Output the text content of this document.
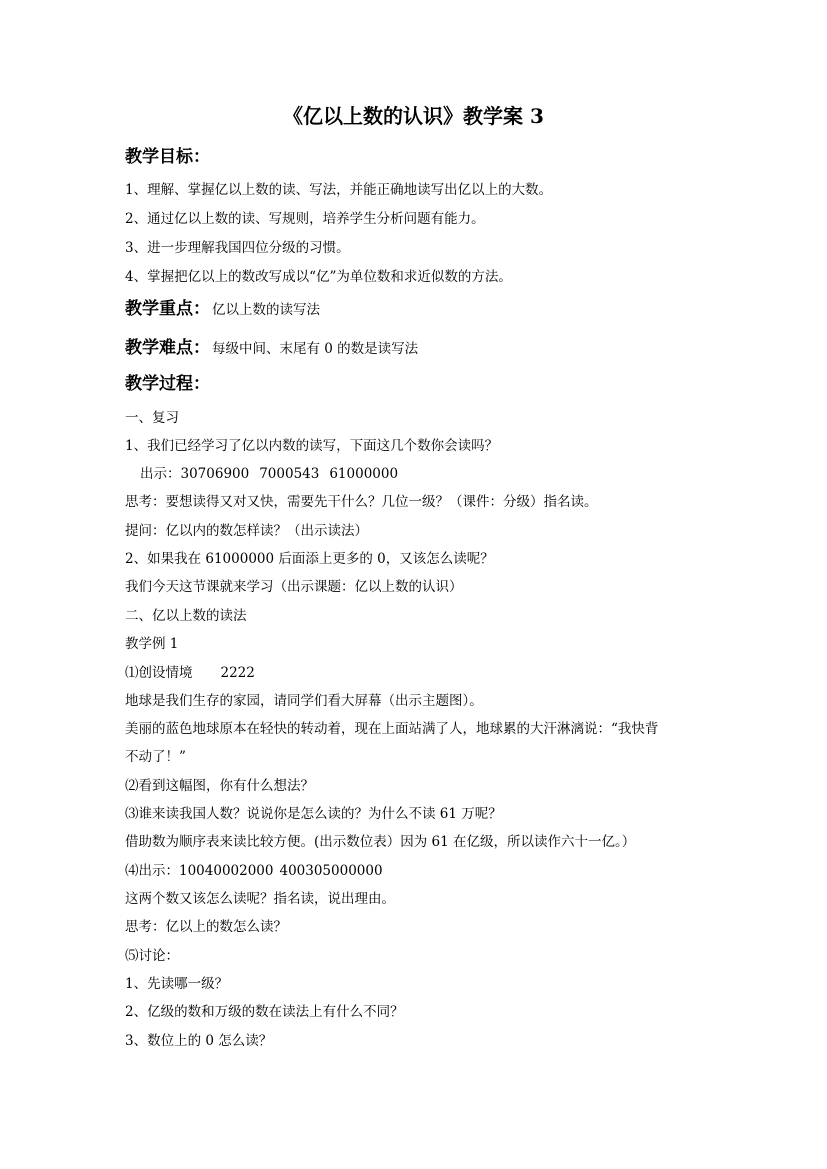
《亿以上数的认识》教学案 3
教学目标：
1、理解、掌握亿以上数的读、写法，并能正确地读写出亿以上的大数。
2、通过亿以上数的读、写规则，培养学生分析问题有能力。
3、进一步理解我国四位分级的习惯。
4、掌握把亿以上的数改写成以“亿”为单位数和求近似数的方法。
教学重点： 亿以上数的读写法
教学难点： 每级中间、末尾有 0 的数是读写法
教学过程：
一、复习
1、我们已经学习了亿以内数的读写，下面这几个数你会读吗？
出示：30706900 7000543 61000000
思考：要想读得又对又快，需要先干什么？几位一级？（课件：分级）指名读。
提问：亿以内的数怎样读？（出示读法）
2、如果我在 61000000 后面添上更多的 0，又该怎么读呢？
我们今天这节课就来学习（出示课题：亿以上数的认识）
二、亿以上数的读法
教学例 1
⑴创设情境 2222
地球是我们生存的家园，请同学们看大屏幕（出示主题图）。
美丽的蓝色地球原本在轻快的转动着，现在上面站满了人，地球累的大汗淋漓说：“我快背
不动了！”
⑵看到这幅图，你有什么想法？
⑶谁来读我国人数？说说你是怎么读的？为什么不读 61 万呢？
借助数为顺序表来读比较方便。(出示数位表）因为 61 在亿级，所以读作六十一亿。）
⑷出示：10040002000 400305000000
这两个数又该怎么读呢？指名读，说出理由。
思考：亿以上的数怎么读？
⑸讨论：
1、先读哪一级？
2、亿级的数和万级的数在读法上有什么不同？
3、数位上的 0 怎么读？
